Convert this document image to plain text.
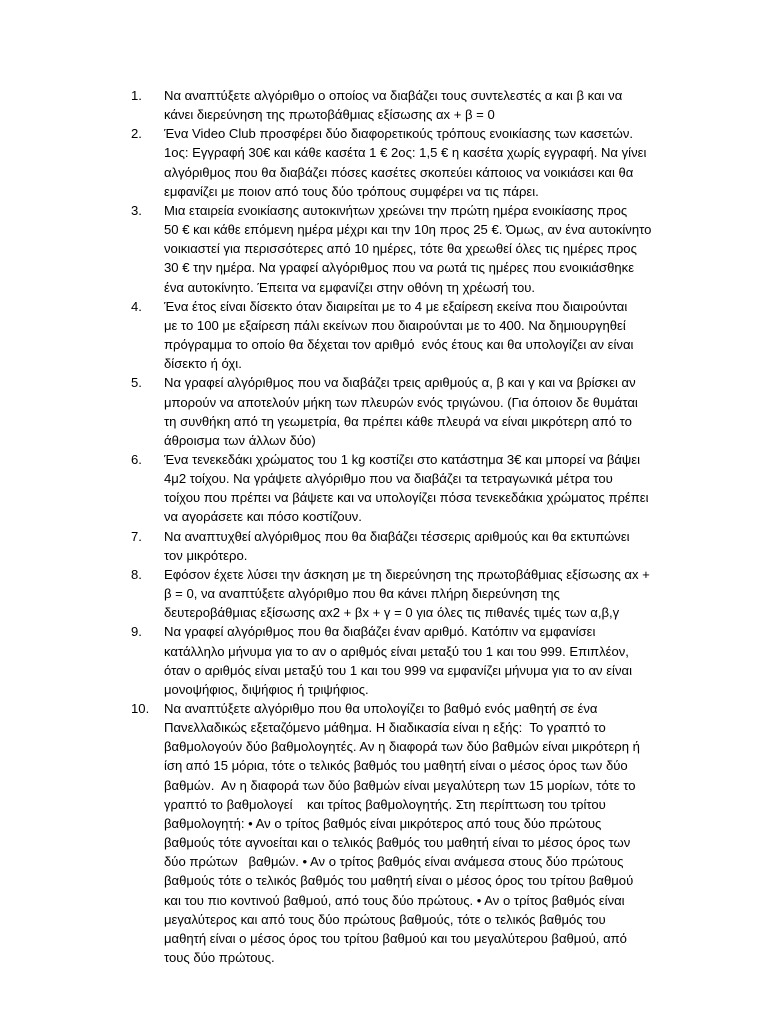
1.	Να αναπτύξετε αλγόριθμο ο οποίος να διαβάζει τους συντελεστές α και β και να
κάνει διερεύνηση της πρωτοβάθμιας εξίσωσης αx + β = 0
2.	Ένα Video Club προσφέρει δύο διαφορετικούς τρόπους ενοικίασης των κασετών.
1ος: Εγγραφή 30€ και κάθε κασέτα 1 € 2ος: 1,5 € η κασέτα χωρίς εγγραφή. Να γίνει
αλγόριθμος που θα διαβάζει πόσες κασέτες σκοπεύει κάποιος να νοικιάσει και θα
εμφανίζει με ποιον από τους δύο τρόπους συμφέρει να τις πάρει.
3.	Μια εταιρεία ενοικίασης αυτοκινήτων χρεώνει την πρώτη ημέρα ενοικίασης προς
50 € και κάθε επόμενη ημέρα μέχρι και την 10η προς 25 €. Όμως, αν ένα αυτοκίνητο
νοικιαστεί για περισσότερες από 10 ημέρες, τότε θα χρεωθεί όλες τις ημέρες προς
30 € την ημέρα. Να γραφεί αλγόριθμος που να ρωτά τις ημέρες που ενοικιάσθηκε
ένα αυτοκίνητο. Έπειτα να εμφανίζει στην οθόνη τη χρέωσή του.
4.	Ένα έτος είναι δίσεκτο όταν διαιρείται με το 4 με εξαίρεση εκείνα που διαιρούνται
με το 100 με εξαίρεση πάλι εκείνων που διαιρούνται με το 400. Να δημιουργηθεί
πρόγραμμα το οποίο θα δέχεται τον αριθμό  ενός έτους και θα υπολογίζει αν είναι
δίσεκτο ή όχι.
5.	Να γραφεί αλγόριθμος που να διαβάζει τρεις αριθμούς α, β και γ και να βρίσκει αν
μπορούν να αποτελούν μήκη των πλευρών ενός τριγώνου. (Για όποιον δε θυμάται
τη συνθήκη από τη γεωμετρία, θα πρέπει κάθε πλευρά να είναι μικρότερη από το
άθροισμα των άλλων δύο)
6.	Ένα τενεκεδάκι χρώματος του 1 kg κοστίζει στο κατάστημα 3€ και μπορεί να βάψει
4μ2 τοίχου. Να γράψετε αλγόριθμο που να διαβάζει τα τετραγωνικά μέτρα του
τοίχου που πρέπει να βάψετε και να υπολογίζει πόσα τενεκεδάκια χρώματος πρέπει
να αγοράσετε και πόσο κοστίζουν.
7.	Να αναπτυχθεί αλγόριθμος που θα διαβάζει τέσσερις αριθμούς και θα εκτυπώνει
τον μικρότερο.
8.	Εφόσον έχετε λύσει την άσκηση με τη διερεύνηση της πρωτοβάθμιας εξίσωσης αx +
β = 0, να αναπτύξετε αλγόριθμο που θα κάνει πλήρη διερεύνηση της
δευτεροβάθμιας εξίσωσης αx2 + βx + γ = 0 για όλες τις πιθανές τιμές των α,β,γ
9.	Να γραφεί αλγόριθμος που θα διαβάζει έναν αριθμό. Κατόπιν να εμφανίσει
κατάλληλο μήνυμα για το αν ο αριθμός είναι μεταξύ του 1 και του 999. Επιπλέον,
όταν ο αριθμός είναι μεταξύ του 1 και του 999 να εμφανίζει μήνυμα για το αν είναι
μονοψήφιος, διψήφιος ή τριψήφιος.
10.	Να αναπτύξετε αλγόριθμο που θα υπολογίζει το βαθμό ενός μαθητή σε ένα
Πανελλαδικώς εξεταζόμενο μάθημα. Η διαδικασία είναι η εξής:  Το γραπτό το
βαθμολογούν δύο βαθμολογητές. Αν η διαφορά των δύο βαθμών είναι μικρότερη ή
ίση από 15 μόρια, τότε ο τελικός βαθμός του μαθητή είναι ο μέσος όρος των δύο
βαθμών.  Αν η διαφορά των δύο βαθμών είναι μεγαλύτερη των 15 μορίων, τότε το
γραπτό το βαθμολογεί    και τρίτος βαθμολογητής. Στη περίπτωση του τρίτου
βαθμολογητή: • Αν ο τρίτος βαθμός είναι μικρότερος από τους δύο πρώτους
βαθμούς τότε αγνοείται και ο τελικός βαθμός του μαθητή είναι το μέσος όρος των
δύο πρώτων   βαθμών. • Αν ο τρίτος βαθμός είναι ανάμεσα στους δύο πρώτους
βαθμούς τότε ο τελικός βαθμός του μαθητή είναι ο μέσος όρος του τρίτου βαθμού
και του πιο κοντινού βαθμού, από τους δύο πρώτους. • Αν ο τρίτος βαθμός είναι
μεγαλύτερος και από τους δύο πρώτους βαθμούς, τότε ο τελικός βαθμός του
μαθητή είναι ο μέσος όρος του τρίτου βαθμού και του μεγαλύτερου βαθμού, από
τους δύο πρώτους.
